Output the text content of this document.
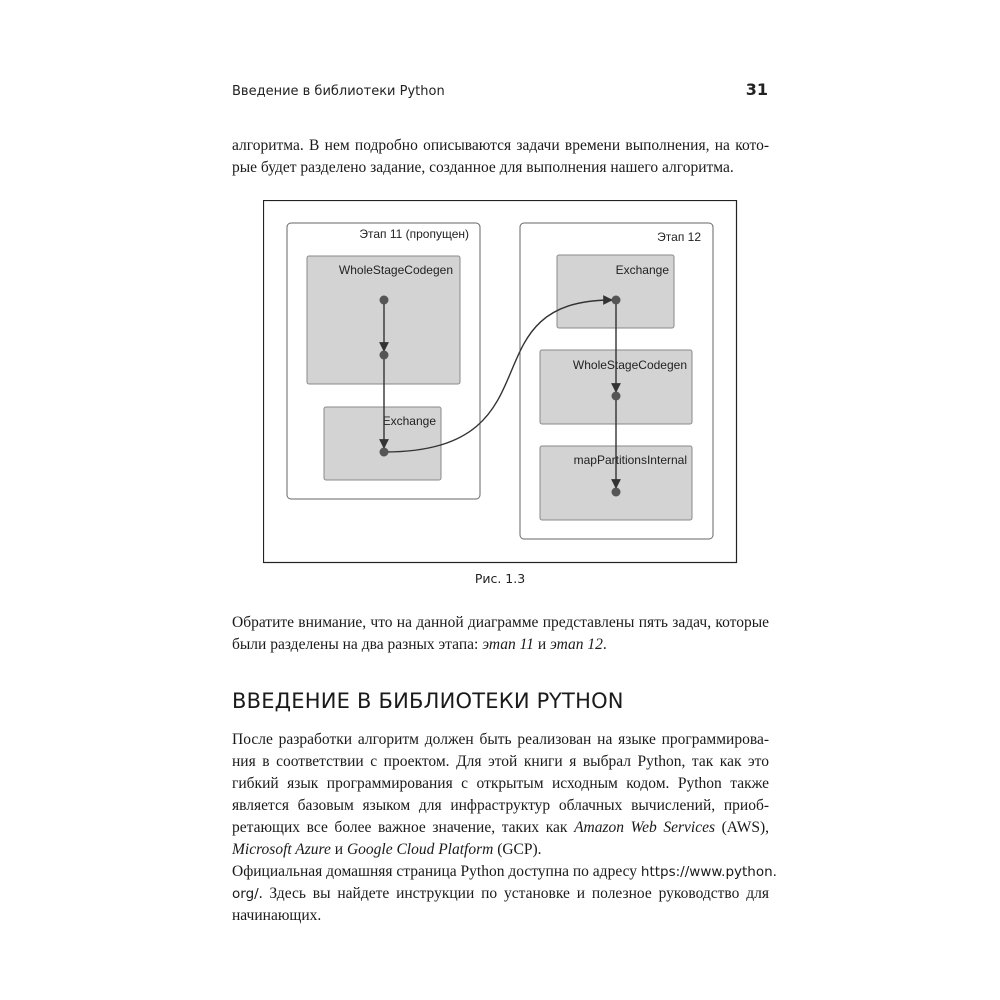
Введение в библиотеки Python	31
алгоритма. В нем подробно описываются задачи времени выполнения, на кото-
рые будет разделено задание, созданное для выполнения нашего алгоритма.
Этап 11 (пропущен)
WholeStageCodegen
Exchange
Этап 12
Exchange
WholeStageCodegen
mapPartitionsInternal
Рис. 1.3
Обратите внимание, что на данной диаграмме представлены пять задач, которые
были разделены на два разных этапа: этап 11 и этап 12.
ВВЕДЕНИЕ В БИБЛИОТЕКИ PYTHON
После разработки алгоритм должен быть реализован на языке программирова-
ния в соответствии с проектом. Для этой книги я выбрал Python, так как это
гибкий язык программирования с открытым исходным кодом. Python также
является базовым языком для инфраструктур облачных вычислений, приоб-
ретающих все более важное значение, таких как Amazon Web Services (AWS),
Microsoft Azure и Google Cloud Platform (GCP).
Официальная домашняя страница Python доступна по адресу https://www.python.
org/. Здесь вы найдете инструкции по установке и полезное руководство для
начинающих.
